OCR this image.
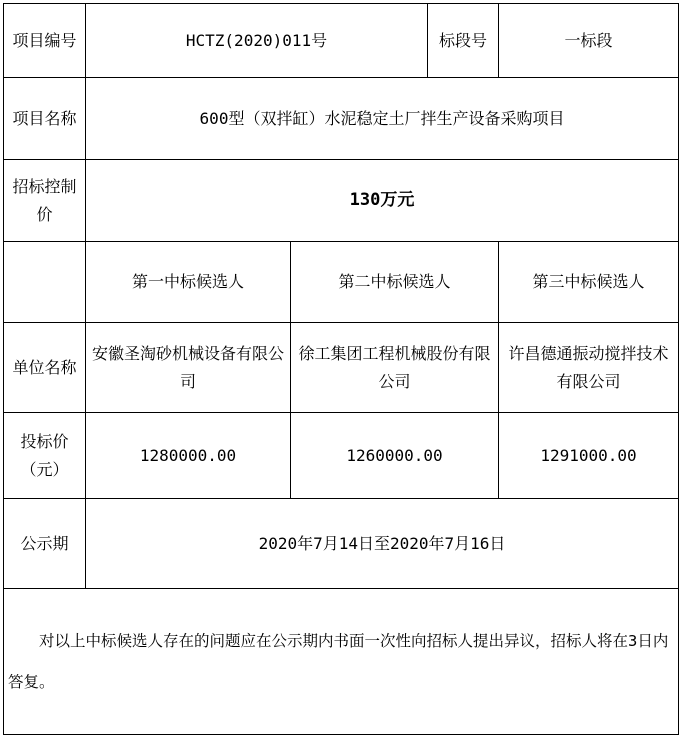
项目编号	HCTZ(2020)011号		标段号	一标段
项目名称	600型（双拌缸）水泥稳定土厂拌生产设备采购项目			
招标控制价	130万元			
	第一中标候选人	第二中标候选人		第三中标候选人
单位名称	安徽圣淘砂机械设备有限公司	徐工集团工程机械股份有限公司		许昌德通振动搅拌技术有限公司
投标价（元）	1280000.00	1260000.00		1291000.00
公示期	2020年7月14日至2020年7月16日			
对以上中标候选人存在的问题应在公示期内书面一次性向招标人提出异议，招标人将在3日内答复。				
